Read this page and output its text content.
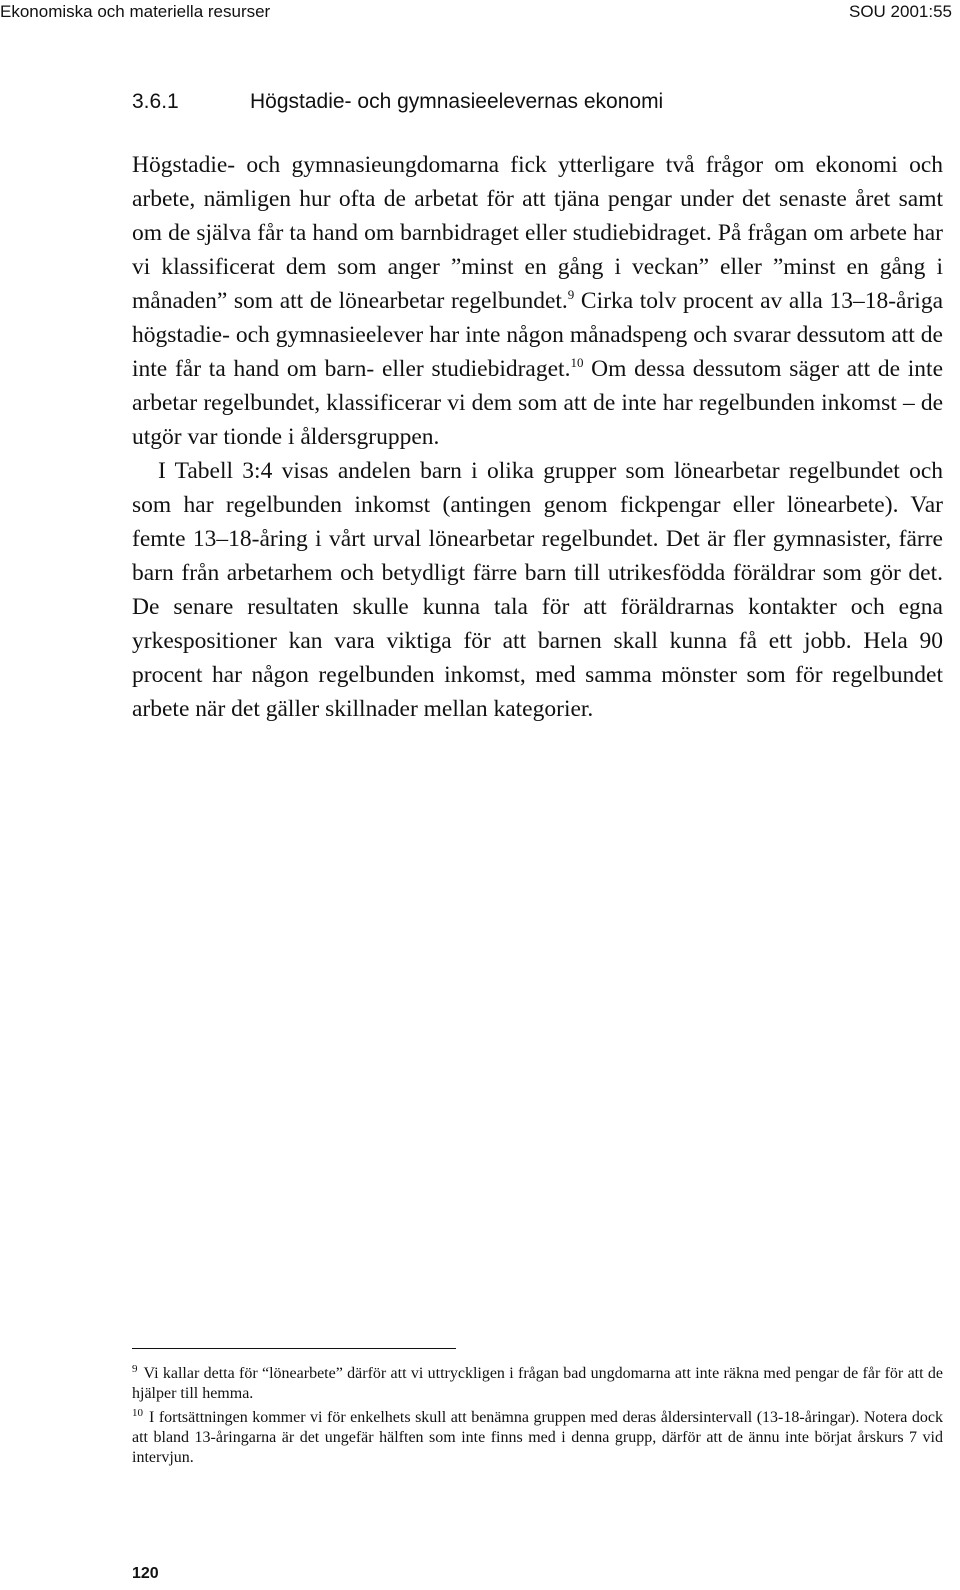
Ekonomiska och materiella resurser	SOU 2001:55
3.6.1	Högstadie- och gymnasieelevernas ekonomi

Högstadie- och gymnasieungdomarna fick ytterligare två frågor om ekonomi och arbete, nämligen hur ofta de arbetat för att tjäna pengar under det senaste året samt om de själva får ta hand om barnbidraget eller studiebidraget. På frågan om arbete har vi klassificerat dem som anger ”minst en gång i veckan” eller ”minst en gång i månaden” som att de lönearbetar regelbundet.$^9$ Cirka tolv procent av alla 13–18-åriga högstadie- och gymnasieelever har inte någon månadspeng och svarar dessutom att de inte får ta hand om barn- eller studiebidraget.$^{10}$ Om dessa dessutom säger att de inte arbetar regelbundet, klassificerar vi dem som att de inte har regelbunden inkomst – de utgör var tionde i åldersgruppen.

I Tabell 3:4 visas andelen barn i olika grupper som lönearbetar regelbundet och som har regelbunden inkomst (antingen genom fickpengar eller lönearbete). Var femte 13–18-åring i vårt urval lönearbetar regelbundet. Det är fler gymnasister, färre barn från arbetarhem och betydligt färre barn till utrikesfödda föräldrar som gör det. De senare resultaten skulle kunna tala för att föräldrarnas kontakter och egna yrkespositioner kan vara viktiga för att barnen skall kunna få ett jobb. Hela 90 procent har någon regelbunden inkomst, med samma mönster som för regelbundet arbete när det gäller skillnader mellan kategorier.

$^9$ Vi kallar detta för “lönearbete” därför att vi uttryckligen i frågan bad ungdomarna att inte räkna med pengar de får för att de hjälper till hemma.

$^{10}$ I fortsättningen kommer vi för enkelhets skull att benämna gruppen med deras åldersintervall (13-18-åringar). Notera dock att bland 13-åringarna är det ungefär hälften som inte finns med i denna grupp, därför att de ännu inte börjat årskurs 7 vid intervjun.

120
